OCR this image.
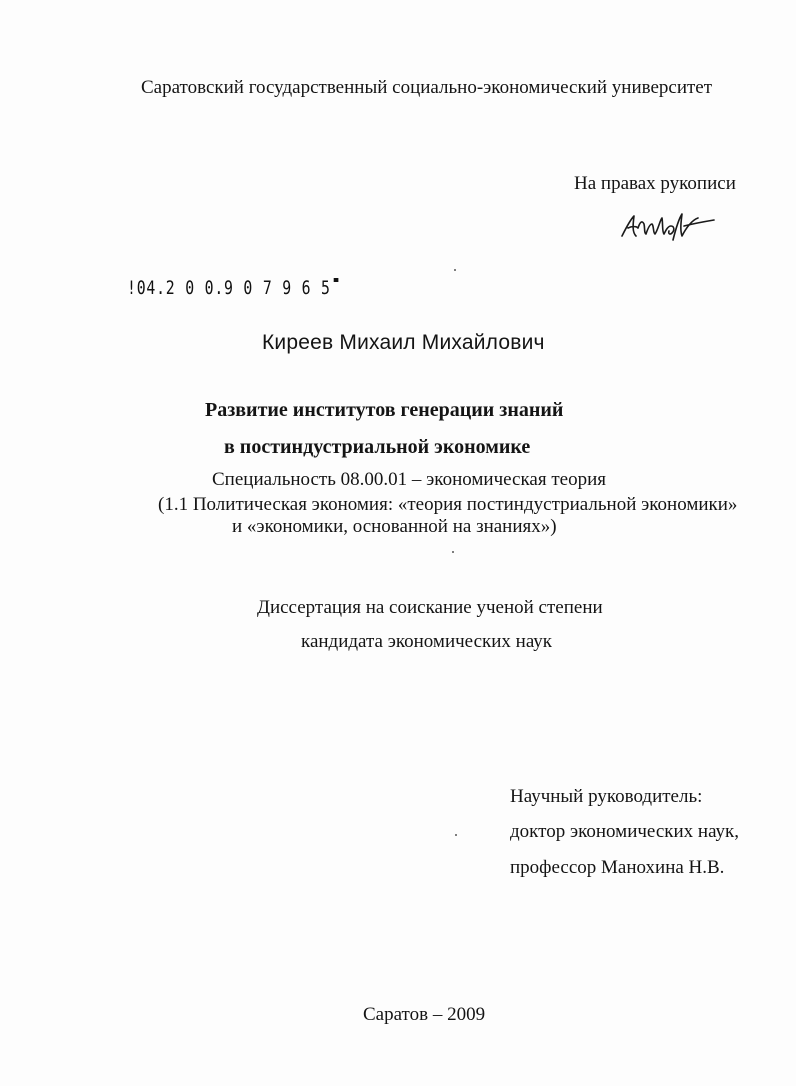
Саратовский государственный социально-экономический университет
На правах рукописи
!04.2 0 0.9 0 7 9 6 5
Киреев Михаил Михайлович
Развитие институтов генерации знаний
в постиндустриальной экономике
Специальность 08.00.01 – экономическая теория
(1.1 Политическая экономия: «теория постиндустриальной экономики»
и «экономики, основанной на знаниях»)
Диссертация на соискание ученой степени
кандидата экономических наук
Научный руководитель:
доктор экономических наук,
профессор Манохина Н.В.
Саратов – 2009
